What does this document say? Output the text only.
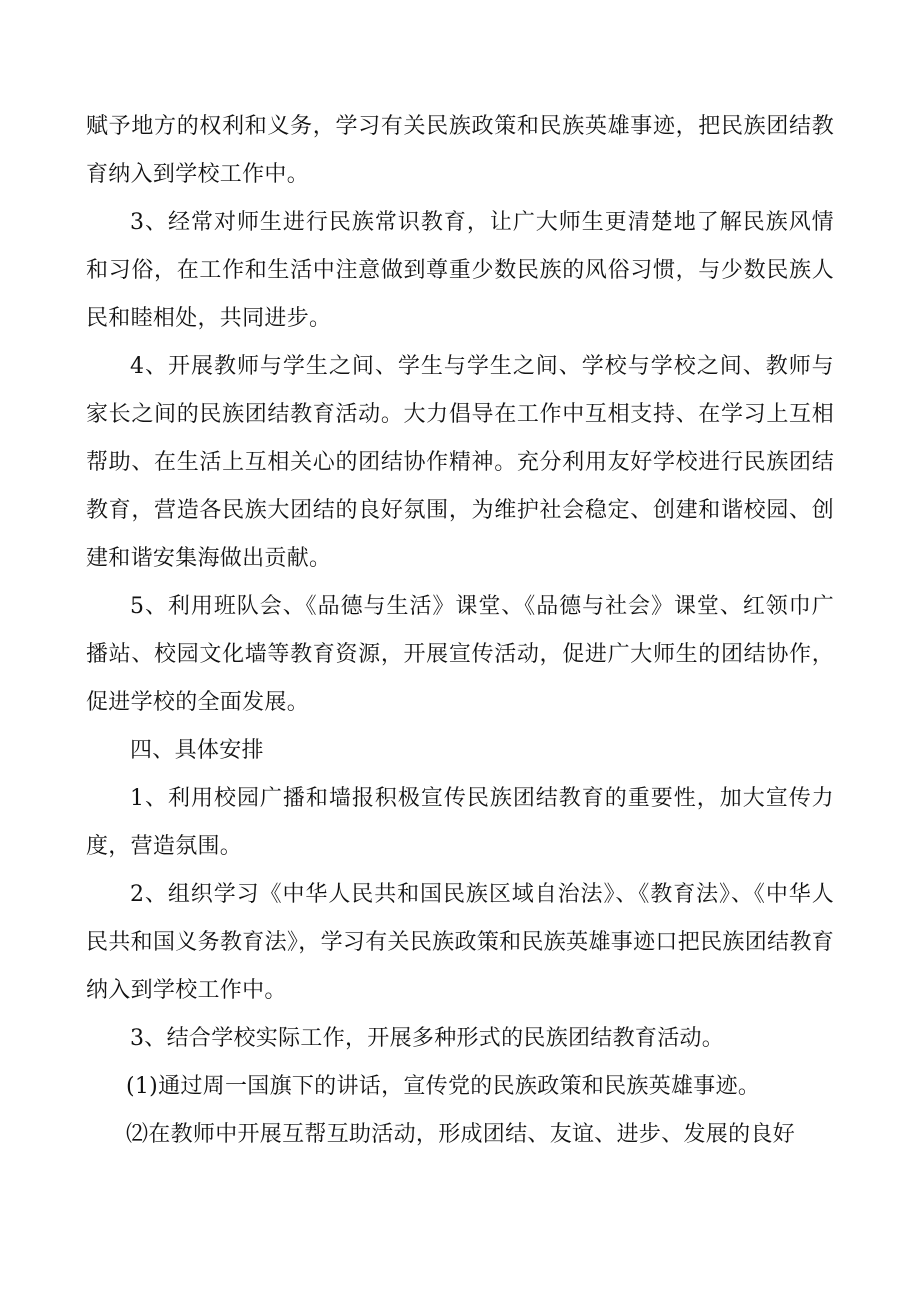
赋予地方的权利和义务，学习有关民族政策和民族英雄事迹，把民族团结教育纳入到学校工作中。

3、经常对师生进行民族常识教育，让广大师生更清楚地了解民族风情和习俗，在工作和生活中注意做到尊重少数民族的风俗习惯，与少数民族人民和睦相处，共同进步。

4、开展教师与学生之间、学生与学生之间、学校与学校之间、教师与家长之间的民族团结教育活动。大力倡导在工作中互相支持、在学习上互相帮助、在生活上互相关心的团结协作精神。充分利用友好学校进行民族团结教育，营造各民族大团结的良好氛围，为维护社会稳定、创建和谐校园、创建和谐安集海做出贡献。

5、利用班队会、《品德与生活》课堂、《品德与社会》课堂、红领巾广播站、校园文化墙等教育资源，开展宣传活动，促进广大师生的团结协作，促进学校的全面发展。

四、具体安排

1、利用校园广播和墙报积极宣传民族团结教育的重要性，加大宣传力度，营造氛围。

2、组织学习《中华人民共和国民族区域自治法》、《教育法》、《中华人民共和国义务教育法》，学习有关民族政策和民族英雄事迹口把民族团结教育纳入到学校工作中。

3、结合学校实际工作，开展多种形式的民族团结教育活动。

(1)通过周一国旗下的讲话，宣传党的民族政策和民族英雄事迹。

⑵在教师中开展互帮互助活动，形成团结、友谊、进步、发展的良好
